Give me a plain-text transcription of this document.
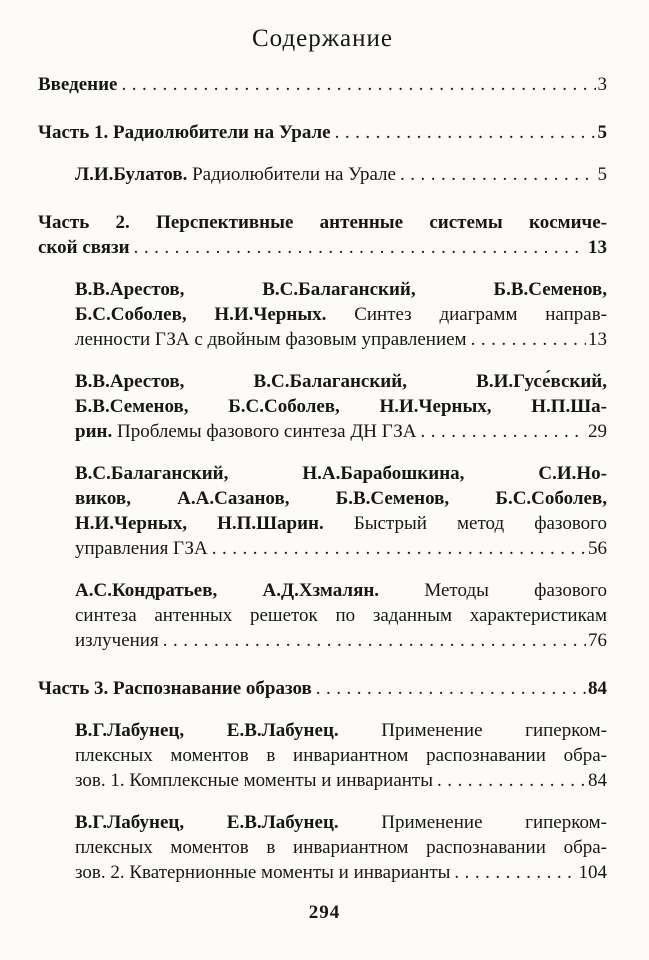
Содержание
Введение .....	3
Часть 1. Радиолюбители на Урале .....	5
Л.И.Булатов. Радиолюбители на Урале .....	5
Часть 2. Перспективные антенные системы космиче-
ской связи .....	13
В.В.Арестов, В.С.Балаганский, Б.В.Семенов,
Б.С.Соболев, Н.И.Черных. Синтез диаграмм направ-
ленности ГЗА с двойным фазовым управлением .....	13
В.В.Арестов, В.С.Балаганский, В.И.Гусе́вский,
Б.В.Семенов, Б.С.Соболев, Н.И.Черных, Н.П.Ша-
рин. Проблемы фазового синтеза ДН ГЗА .....	29
В.С.Балаганский, Н.А.Барабошкина, С.И.Но-
виков, А.А.Сазанов, Б.В.Семенов, Б.С.Соболев,
Н.И.Черных, Н.П.Шарин. Быстрый метод фазового
управления ГЗА .....	56
А.С.Кондратьев, А.Д.Хзмалян. Методы фазового
синтеза антенных решеток по заданным характеристикам
излучения .....	76
Часть 3. Распознавание образов .....	84
В.Г.Лабунец, Е.В.Лабунец. Применение гиперком-
плексных моментов в инвариантном распознавании обра-
зов. 1. Комплексные моменты и инварианты .....	84
В.Г.Лабунец, Е.В.Лабунец. Применение гиперком-
плексных моментов в инвариантном распознавании обра-
зов. 2. Кватернионные моменты и инварианты .....	104
294
